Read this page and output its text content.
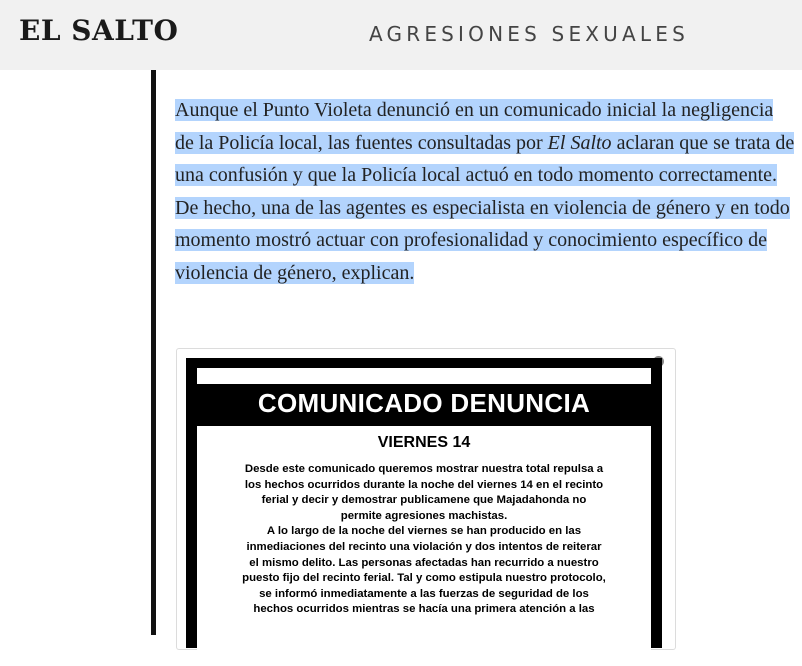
EL SALTO	AGRESIONES SEXUALES
Aunque el Punto Violeta denunció en un comunicado inicial la negligencia de la Policía local, las fuentes consultadas por El Salto aclaran que se trata de una confusión y que la Policía local actuó en todo momento correctamente. De hecho, una de las agentes es especialista en violencia de género y en todo momento mostró actuar con profesionalidad y conocimiento específico de violencia de género, explican.
COMUNICADO DENUNCIA
VIERNES 14
Desde este comunicado queremos mostrar nuestra total repulsa a
los hechos ocurridos durante la noche del viernes 14 en el recinto
ferial y decir y demostrar publicamene que Majadahonda no
permite agresiones machistas.
A lo largo de la noche del viernes se han producido en las
inmediaciones del recinto una violación y dos intentos de reiterar
el mismo delito. Las personas afectadas han recurrido a nuestro
puesto fijo del recinto ferial. Tal y como estipula nuestro protocolo,
se informó inmediatamente a las fuerzas de seguridad de los
hechos ocurridos mientras se hacía una primera atención a las
